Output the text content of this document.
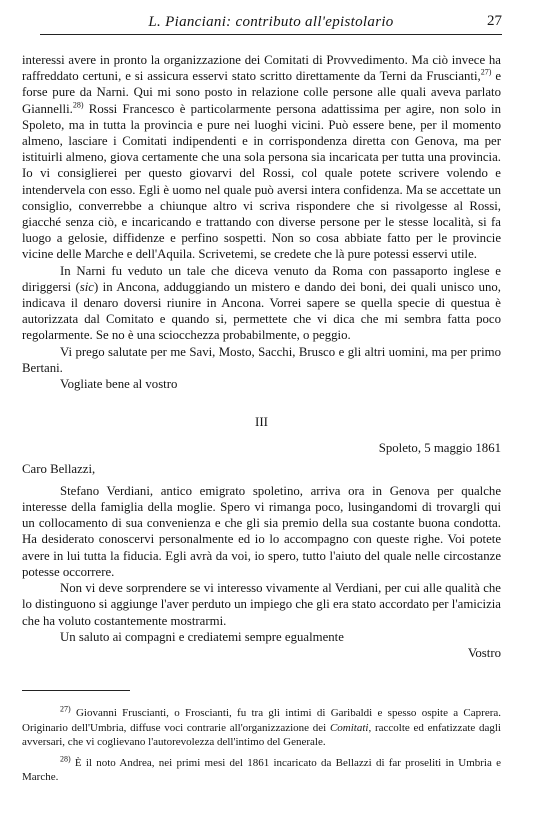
L. Pianciani: contributo all'epistolario	27

interessi avere in pronto la organizzazione dei Comitati di Provvedimento. Ma ciò invece ha raffreddato certuni, e si assicura esservi stato scritto direttamente da Terni da Fruscianti,$^{27)}$ e forse pure da Narni. Qui mi sono posto in relazione colle persone alle quali aveva parlato Giannelli.$^{28)}$ Rossi Francesco è particolarmente persona adattissima per agire, non solo in Spoleto, ma in tutta la provincia e pure nei luoghi vicini. Può essere bene, per il momento almeno, lasciare i Comitati indipendenti e in corrispondenza diretta con Genova, ma per istituirli almeno, giova certamente che una sola persona sia incaricata per tutta una provincia. Io vi consiglierei per questo giovarvi del Rossi, col quale potete scrivere volendo e intendervela con esso. Egli è uomo nel quale può aversi intera confidenza. Ma se accettate un consiglio, converrebbe a chiunque altro vi scriva rispondere che si rivolgesse al Rossi, giacché senza ciò, e incaricando e trattando con diverse persone per le stesse località, si fa luogo a gelosie, diffidenze e perfino sospetti. Non so cosa abbiate fatto per le provincie vicine delle Marche e dell'Aquila. Scrivetemi, se credete che là pure potessi esservi utile.

In Narni fu veduto un tale che diceva venuto da Roma con passaporto inglese e diriggersi (sic) in Ancona, adduggiando un mistero e dando dei boni, dei quali unisco uno, indicava il denaro doversi riunire in Ancona. Vorrei sapere se quella specie di questua è autorizzata dal Comitato e quando si, permettete che vi dica che mi sembra fatta poco regolarmente. Se no è una sciocchezza probabilmente, o peggio.

Vi prego salutate per me Savi, Mosto, Sacchi, Brusco e gli altri uomini, ma per primo Bertani.

Vogliate bene al vostro

III

Spoleto, 5 maggio 1861

Caro Bellazzi,

Stefano Verdiani, antico emigrato spoletino, arriva ora in Genova per qualche interesse della famiglia della moglie. Spero vi rimanga poco, lusingandomi di trovargli qui un collocamento di sua convenienza e che gli sia premio della sua costante buona condotta. Ha desiderato conoscervi personalmente ed io lo accompagno con queste righe. Voi potete avere in lui tutta la fiducia. Egli avrà da voi, io spero, tutto l'aiuto del quale nelle circostanze potesse occorrere.

Non vi deve sorprendere se vi interesso vivamente al Verdiani, per cui alle qualità che lo distinguono si aggiunge l'aver perduto un impiego che gli era stato accordato per l'amicizia che ha voluto costantemente mostrarmi.

Un saluto ai compagni e crediatemi sempre egualmente

Vostro

$^{27)}$ Giovanni Fruscianti, o Froscianti, fu tra gli intimi di Garibaldi e spesso ospite a Caprera. Originario dell'Umbria, diffuse voci contrarie all'organizzazione dei Comitati, raccolte ed enfatizzate dagli avversari, che vi coglievano l'autorevolezza dell'intimo del Generale.

$^{28)}$ È il noto Andrea, nei primi mesi del 1861 incaricato da Bellazzi di far proseliti in Umbria e Marche.
